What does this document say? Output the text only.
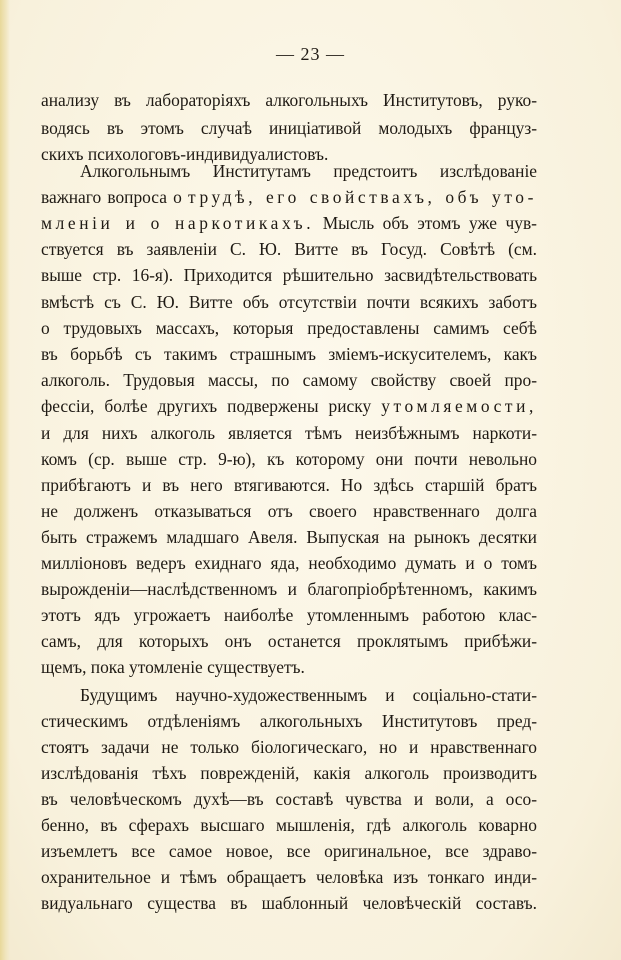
— 23 —
анализу въ лабораторіяхъ алкогольныхъ Институтовъ, руко-
водясь въ этомъ случаѣ иниціативой молодыхъ француз-
скихъ психологовъ-индивидуалистовъ.
Алкогольнымъ Институтамъ предстоитъ изслѣдованіе
важнаго вопроса о трудѣ, его свойствахъ, объ уто-
мленіи и о наркотикахъ. Мысль объ этомъ уже чув-
ствуется въ заявленіи С. Ю. Витте въ Госуд. Совѣтѣ (см.
выше стр. 16-я). Приходится рѣшительно засвидѣтельствовать
вмѣстѣ съ С. Ю. Витте объ отсутствіи почти всякихъ заботъ
о трудовыхъ массахъ, которыя предоставлены самимъ себѣ
въ борьбѣ съ такимъ страшнымъ зміемъ-искусителемъ, какъ
алкоголь. Трудовыя массы, по самому свойству своей про-
фессіи, болѣе другихъ подвержены риску утомляемости,
и для нихъ алкоголь является тѣмъ неизбѣжнымъ наркоти-
комъ (ср. выше стр. 9-ю), къ которому они почти невольно
прибѣгаютъ и въ него втягиваются. Но здѣсь старшій братъ
не долженъ отказываться отъ своего нравственнаго долга
быть стражемъ младшаго Авеля. Выпуская на рынокъ десятки
милліоновъ ведеръ ехиднаго яда, необходимо думать и о томъ
вырожденіи—наслѣдственномъ и благопріобрѣтенномъ, какимъ
этотъ ядъ угрожаетъ наиболѣе утомленнымъ работою клас-
самъ, для которыхъ онъ останется проклятымъ прибѣжи-
щемъ, пока утомленіе существуетъ.
Будущимъ научно-художественнымъ и соціально-стати-
стическимъ отдѣленіямъ алкогольныхъ Институтовъ пред-
стоятъ задачи не только біологическаго, но и нравственнаго
изслѣдованія тѣхъ поврежденій, какія алкоголь производитъ
въ человѣческомъ духѣ—въ составѣ чувства и воли, а осо-
бенно, въ сферахъ высшаго мышленія, гдѣ алкоголь коварно
изъемлетъ все самое новое, все оригинальное, все здраво-
охранительное и тѣмъ обращаетъ человѣка изъ тонкаго инди-
видуальнаго существа въ шаблонный человѣческій составъ.
